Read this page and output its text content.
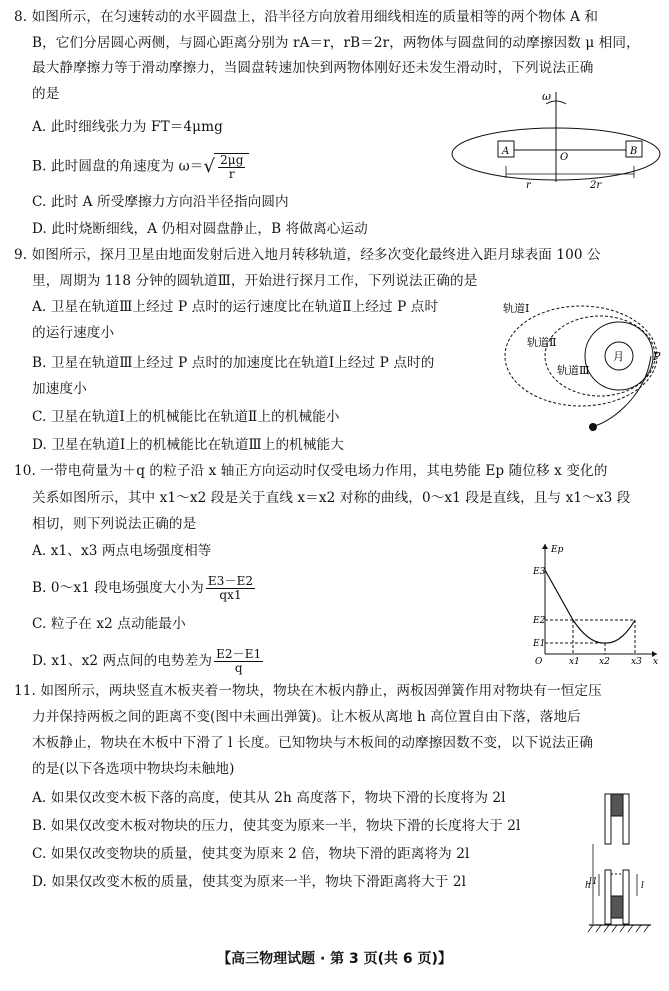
8. 如图所示，在匀速转动的水平圆盘上，沿半径方向放着用细线相连的质量相等的两个物体 A 和
B，它们分居圆心两侧，与圆心距离分别为 rA＝r，rB＝2r，两物体与圆盘间的动摩擦因数 μ 相同，
最大静摩擦力等于滑动摩擦力，当圆盘转速加快到两物体刚好还未发生滑动时，下列说法正确
的是
A. 此时细线张力为 FT＝4μmg
B. 此时圆盘的角速度为 $\omega=√ \frac{2\mu g}{r}$
C. 此时 A 所受摩擦力方向沿半径指向圆内
D. 此时烧断细线，A 仍相对圆盘静止，B 将做离心运动
ω
A
O
B
r	2r
9. 如图所示，探月卫星由地面发射后进入地月转移轨道，经多次变化最终进入距月球表面 100 公
里，周期为 118 分钟的圆轨道Ⅲ，开始进行探月工作，下列说法正确的是
A. 卫星在轨道Ⅲ上经过 P 点时的运行速度比在轨道Ⅱ上经过 P 点时
的运行速度小
B. 卫星在轨道Ⅲ上经过 P 点时的加速度比在轨道Ⅰ上经过 P 点时的
加速度小
C. 卫星在轨道Ⅰ上的机械能比在轨道Ⅱ上的机械能小
D. 卫星在轨道Ⅰ上的机械能比在轨道Ⅲ上的机械能大
轨道Ⅰ
轨道Ⅱ
轨道Ⅲ
月	P
10. 一带电荷量为＋q 的粒子沿 x 轴正方向运动时仅受电场力作用，其电势能 Ep 随位移 x 变化的
关系如图所示，其中 x1～x2 段是关于直线 x＝x2 对称的曲线，0～x1 段是直线，且与 x1～x3 段
相切，则下列说法正确的是
A. x1、x3 两点电场强度相等
B. 0～x1 段电场强度大小为 $\frac{E3-E2}{qx1}$
C. 粒子在 x2 点动能最小
D. x1、x2 两点间的电势差为 $\frac{E2-E1}{q}$
Ep
E3
E2
E1
O	x1 x2 x3 x
11. 如图所示，两块竖直木板夹着一物块，物块在木板内静止，两板因弹簧作用对物块有一恒定压
力并保持两板之间的距离不变(图中未画出弹簧)。让木板从离地 h 高位置自由下落，落地后
木板静止，物块在木板中下滑了 l 长度。已知物块与木板间的动摩擦因数不变，以下说法正确
的是(以下各选项中物块均未触地)
A. 如果仅改变木板下落的高度，使其从 2h 高度落下，物块下滑的长度将为 2l
B. 如果仅改变木板对物块的压力，使其变为原来一半，物块下滑的长度将大于 2l
C. 如果仅改变物块的质量，使其变为原来 2 倍，物块下滑的距离将为 2l
D. 如果仅改变木板的质量，使其变为原来一半，物块下滑距离将大于 2l	h
l1	l
【高三物理试题 · 第 3 页(共 6 页)】
